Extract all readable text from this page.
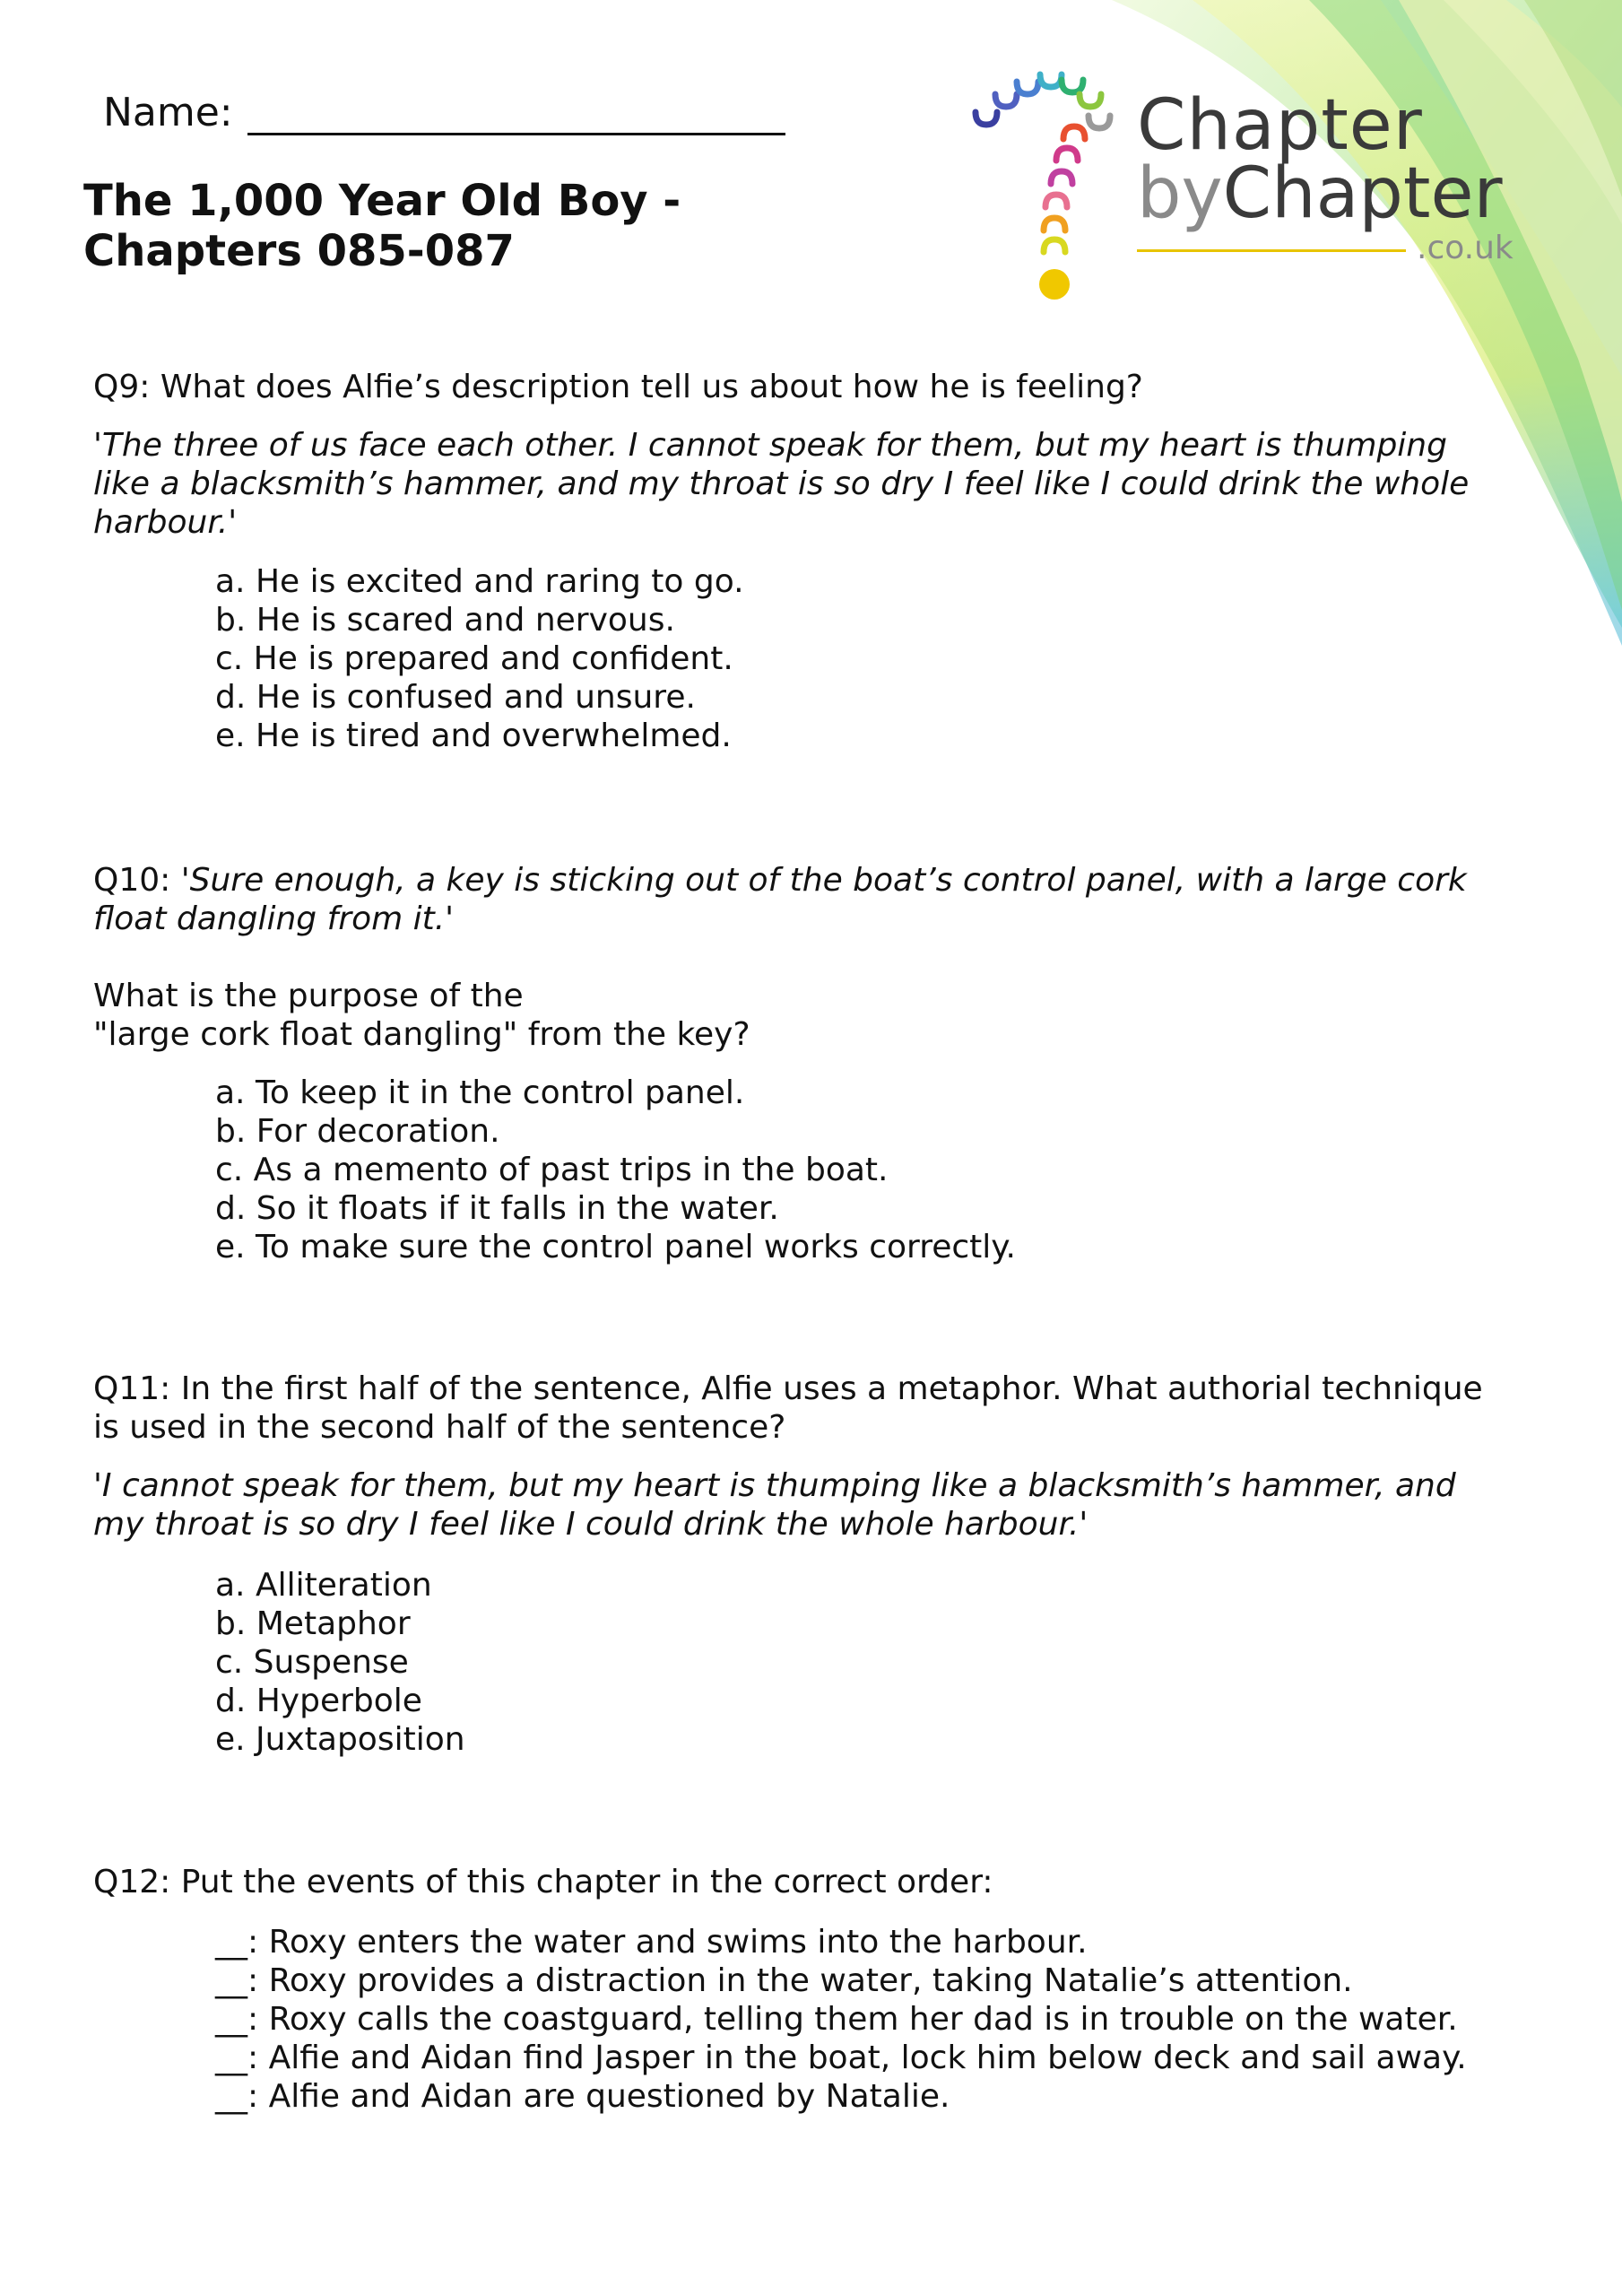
Name:
The 1,000 Year Old Boy -
Chapters 085-087
Chapter
byChapter
.co.uk

Q9: What does Alfie’s description tell us about how he is feeling?

'The three of us face each other. I cannot speak for them, but my heart is thumping
like a blacksmith’s hammer, and my throat is so dry I feel like I could drink the whole
harbour.'

a. He is excited and raring to go.
b. He is scared and nervous.
c. He is prepared and confident.
d. He is confused and unsure.
e. He is tired and overwhelmed.

Q10: 'Sure enough, a key is sticking out of the boat’s control panel, with a large cork
float dangling from it.'

What is the purpose of the
"large cork float dangling" from the key?

a. To keep it in the control panel.
b. For decoration.
c. As a memento of past trips in the boat.
d. So it floats if it falls in the water.
e. To make sure the control panel works correctly.

Q11: In the first half of the sentence, Alfie uses a metaphor. What authorial technique
is used in the second half of the sentence?

'I cannot speak for them, but my heart is thumping like a blacksmith’s hammer, and
my throat is so dry I feel like I could drink the whole harbour.'

a. Alliteration
b. Metaphor
c. Suspense
d. Hyperbole
e. Juxtaposition

Q12: Put the events of this chapter in the correct order:

__: Roxy enters the water and swims into the harbour.
__: Roxy provides a distraction in the water, taking Natalie’s attention.
__: Roxy calls the coastguard, telling them her dad is in trouble on the water.
__: Alfie and Aidan find Jasper in the boat, lock him below deck and sail away.
__: Alfie and Aidan are questioned by Natalie.
